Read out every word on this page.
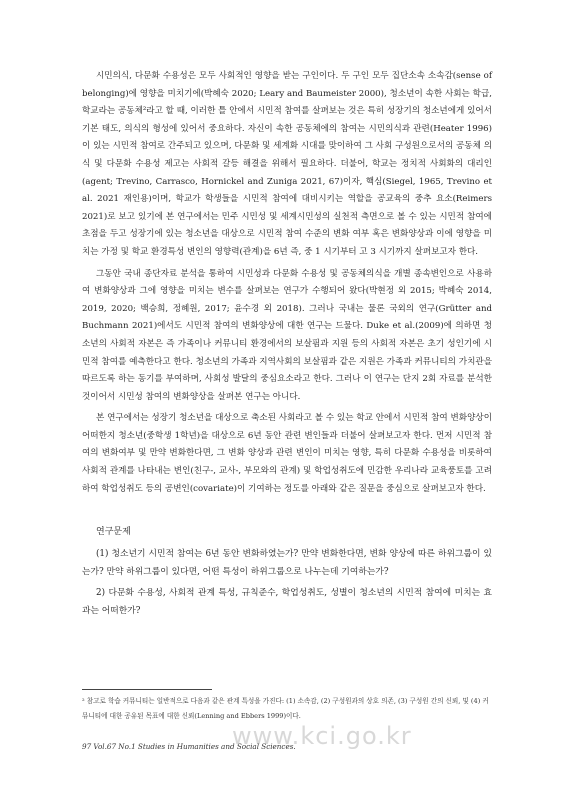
시민의식, 다문화 수용성은 모두 사회적인 영향을 받는 구인이다. 두 구인 모두 집단소속 소속감(sense of belonging)에 영향을 미치기에(박혜숙 2020; Leary and Baumeister 2000), 청소년이 속한 사회는 학급, 학교라는 공동체²라고 할 때, 이러한 틀 안에서 시민적 참여를 살펴보는 것은 특히 성장기의 청소년에게 있어서 기본 태도, 의식의 형성에 있어서 중요하다. 자신이 속한 공동체에의 참여는 시민의식과 관련(Heater 1996)이 있는 시민적 참여로 간주되고 있으며, 다문화 및 세계화 시대를 맞이하여 그 사회 구성원으로서의 공동체 의식 및 다문화 수용성 제고는 사회적 갈등 해결을 위해서 필요하다. 더불어, 학교는 정치적 사회화의 대리인(agent; Trevino, Carrasco, Hornickel and Zuniga 2021, 67)이자, 핵심(Siegel, 1965, Trevino et al. 2021 재인용)이며, 학교가 학생들을 시민적 참여에 대비시키는 역할을 공교육의 중추 요소(Reimers 2021)로 보고 있기에 본 연구에서는 민주 시민성 및 세계시민성의 실천적 측면으로 볼 수 있는 시민적 참여에 초점을 두고 성장기에 있는 청소년을 대상으로 시민적 참여 수준의 변화 여부 혹은 변화양상과 이에 영향을 미치는 가정 및 학교 환경특성 변인의 영향력(관계)을 6년 즉, 중 1 시기부터 고 3 시기까지 살펴보고자 한다.

그동안 국내 종단자료 분석을 통하여 시민성과 다문화 수용성 및 공동체의식을 개별 종속변인으로 사용하여 변화양상과 그에 영향을 미치는 변수를 살펴보는 연구가 수행되어 왔다(박현정 외 2015; 박혜숙 2014, 2019, 2020; 백승희, 정혜원, 2017; 윤수경 외 2018). 그러나 국내는 물론 국외의 연구(Grütter and Buchmann 2021)에서도 시민적 참여의 변화양상에 대한 연구는 드물다. Duke et al.(2009)에 의하면 청소년의 사회적 자본은 즉 가족이나 커뮤니티 환경에서의 보살핌과 지원 등의 사회적 자본은 초기 성인기에 시민적 참여를 예측한다고 한다. 청소년의 가족과 지역사회의 보살핌과 같은 지원은 가족과 커뮤니티의 가치관을 따르도록 하는 동기를 부여하며, 사회성 발달의 중심요소라고 한다. 그러나 이 연구는 단지 2회 자료를 분석한 것이어서 시민성 참여의 변화양상을 살펴본 연구는 아니다.

본 연구에서는 성장기 청소년을 대상으로 축소된 사회라고 볼 수 있는 학교 안에서 시민적 참여 변화양상이 어떠한지 청소년(중학생 1학년)을 대상으로 6년 동안 관련 변인들과 더불어 살펴보고자 한다. 먼저 시민적 참여의 변화여부 및 만약 변화한다면, 그 변화 양상과 관련 변인이 미치는 영향, 특히 다문화 수용성을 비롯하여 사회적 관계를 나타내는 변인(친구-, 교사-, 부모와의 관계) 및 학업성취도에 민감한 우리나라 교육풍토를 고려하여 학업성취도 등의 공변인(covariate)이 기여하는 정도를 아래와 같은 질문을 중심으로 살펴보고자 한다.

연구문제

(1) 청소년기 시민적 참여는 6년 동안 변화하였는가? 만약 변화한다면, 변화 양상에 따른 하위그룹이 있는가? 만약 하위그룹이 있다면, 어떤 특성이 하위그룹으로 나누는데 기여하는가?

2) 다문화 수용성, 사회적 관계 특성, 규칙준수, 학업성취도, 성별이 청소년의 시민적 참여에 미치는 효과는 어떠한가?

² 참고로 학습 커뮤니티는 일반적으로 다음과 같은 관계 특성을 가진다: (1) 소속감, (2) 구성원과의 상호 의존, (3) 구성원 간의 신뢰, 및 (4) 커뮤니티에 대한 공유된 목표에 대한 신뢰(Lenning and Ebbers 1999)이다.
www.kci.go.kr
97 Vol.67 No.1 Studies in Humanities and Social Sciences.
